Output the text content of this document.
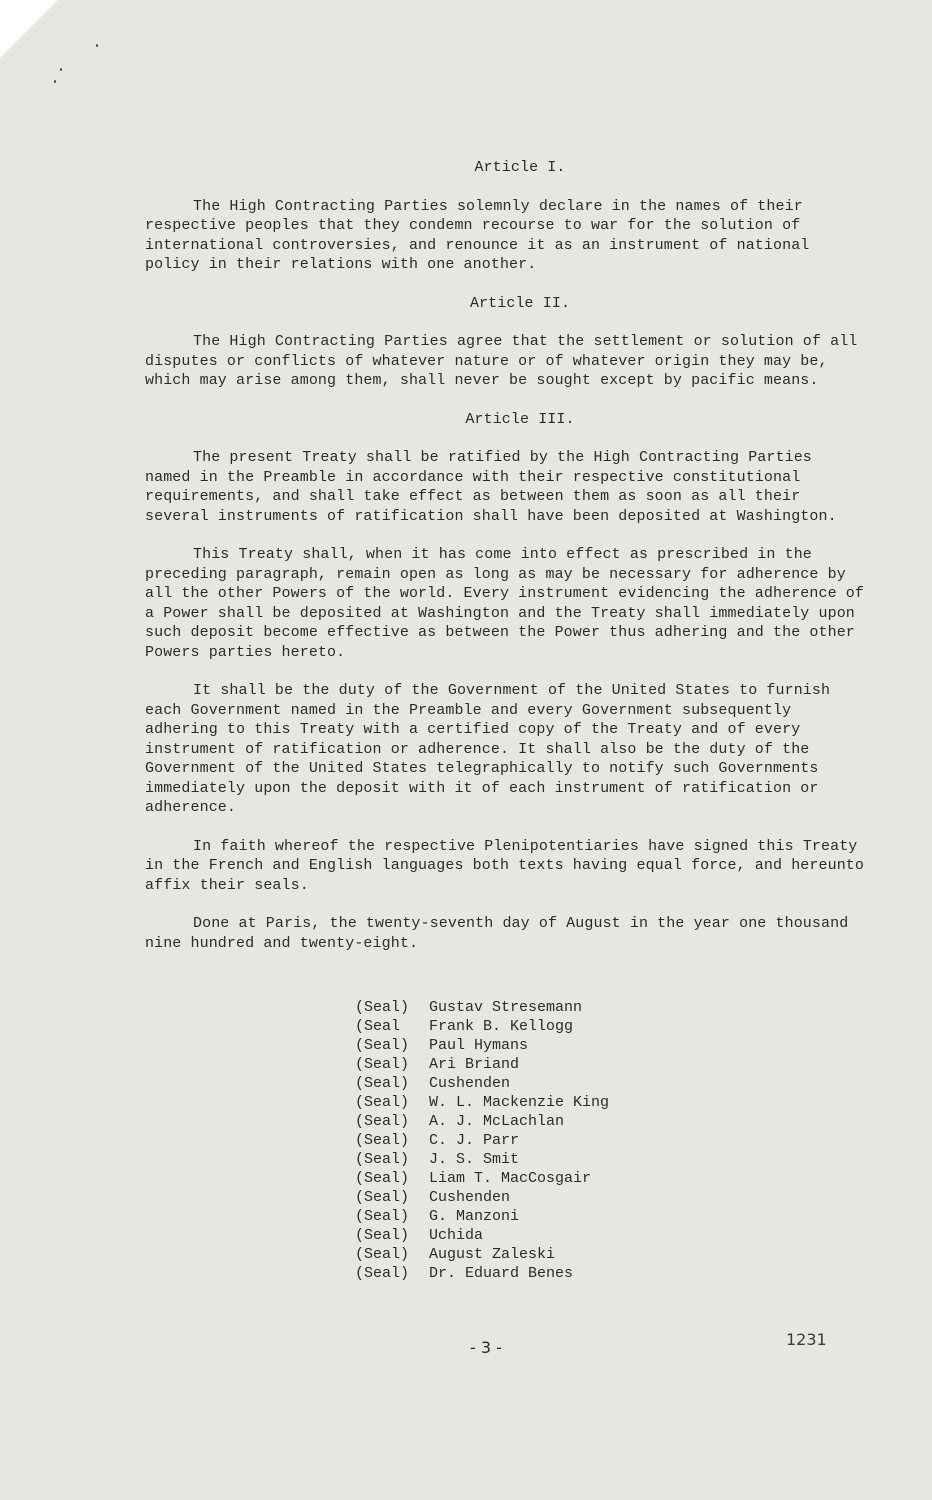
Article I.

The High Contracting Parties solemnly declare in the names of their respective peoples that they condemn recourse to war for the solution of international controversies, and renounce it as an instrument of national policy in their relations with one another.

Article II.

The High Contracting Parties agree that the settlement or solution of all disputes or conflicts of whatever nature or of whatever origin they may be, which may arise among them, shall never be sought except by pacific means.

Article III.

The present Treaty shall be ratified by the High Contracting Parties named in the Preamble in accordance with their respective constitutional requirements, and shall take effect as between them as soon as all their several instruments of ratification shall have been deposited at Washington.

This Treaty shall, when it has come into effect as prescribed in the preceding paragraph, remain open as long as may be necessary for adherence by all the other Powers of the world. Every instrument evidencing the adherence of a Power shall be deposited at Washington and the Treaty shall immediately upon such deposit become effective as between the Power thus adhering and the other Powers parties hereto.

It shall be the duty of the Government of the United States to furnish each Government named in the Preamble and every Government subsequently adhering to this Treaty with a certified copy of the Treaty and of every instrument of ratification or adherence. It shall also be the duty of the Government of the United States telegraphically to notify such Governments immediately upon the deposit with it of each instrument of ratification or adherence.

In faith whereof the respective Plenipotentiaries have signed this Treaty in the French and English languages both texts having equal force, and hereunto affix their seals.

Done at Paris, the twenty-seventh day of August in the year one thousand nine hundred and twenty-eight.

(Seal) Gustav Stresemann
(Seal	Frank B. Kellogg
(Seal) Paul Hymans
(Seal) Ari Briand
(Seal) Cushenden
(Seal) W. L. Mackenzie King
(Seal) A. J. McLachlan
(Seal) C. J. Parr
(Seal) J. S. Smit
(Seal) Liam T. MacCosgair
(Seal) Cushenden
(Seal) G. Manzoni
(Seal) Uchida
(Seal) August Zaleski
(Seal) Dr. Eduard Benes
- 3 -	1231
